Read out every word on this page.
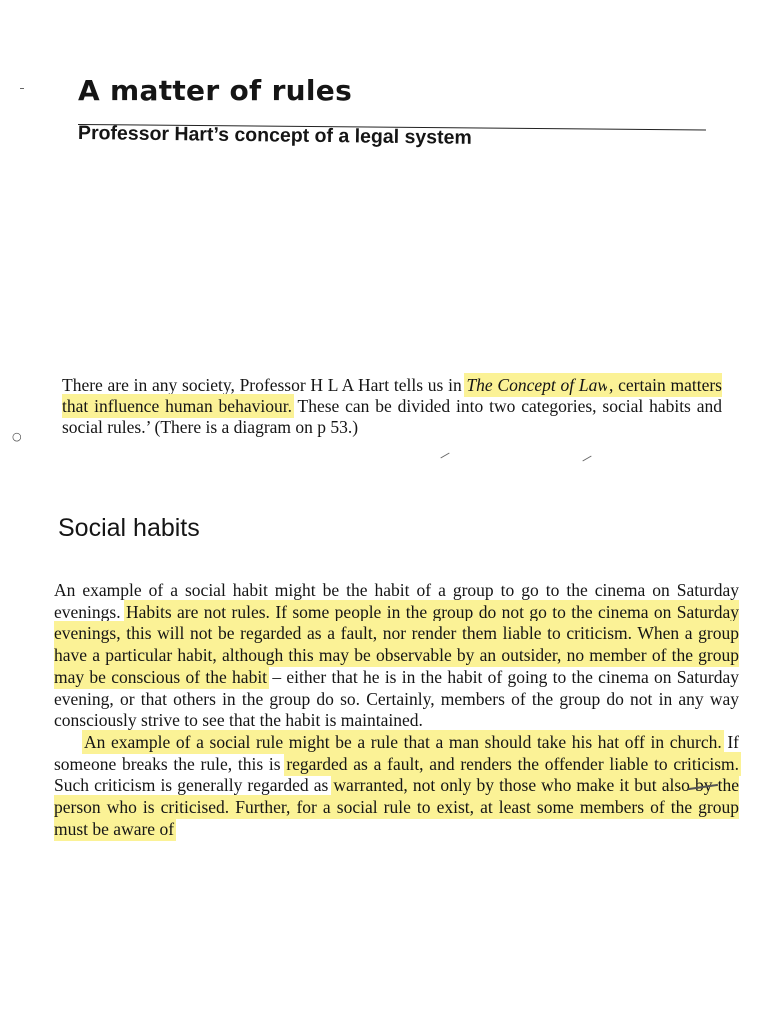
A matter of rules
Professor Hart’s concept of a legal system

There are in any society, Professor H L A Hart tells us in The Concept of Law, certain matters that influence human behaviour. These can be divided into two categories, social habits and social rules.’ (There is a diagram on p 53.)

Social habits

An example of a social habit might be the habit of a group to go to the cinema on Saturday evenings. Habits are not rules. If some people in the group do not go to the cinema on Saturday evenings, this will not be regarded as a fault, nor render them liable to criticism. When a group have a particular habit, although this may be observable by an outsider, no member of the group may be conscious of the habit – either that he is in the habit of going to the cinema on Saturday evening, or that others in the group do so. Certainly, members of the group do not in any way consciously strive to see that the habit is maintained.

An example of a social rule might be a rule that a man should take his hat off in church. If someone breaks the rule, this is regarded as a fault, and renders the offender liable to criticism. Such criticism is generally regarded as warranted, not only by those who make it but also by the person who is criticised. Further, for a social rule to exist, at least some members of the group must be aware of

○
